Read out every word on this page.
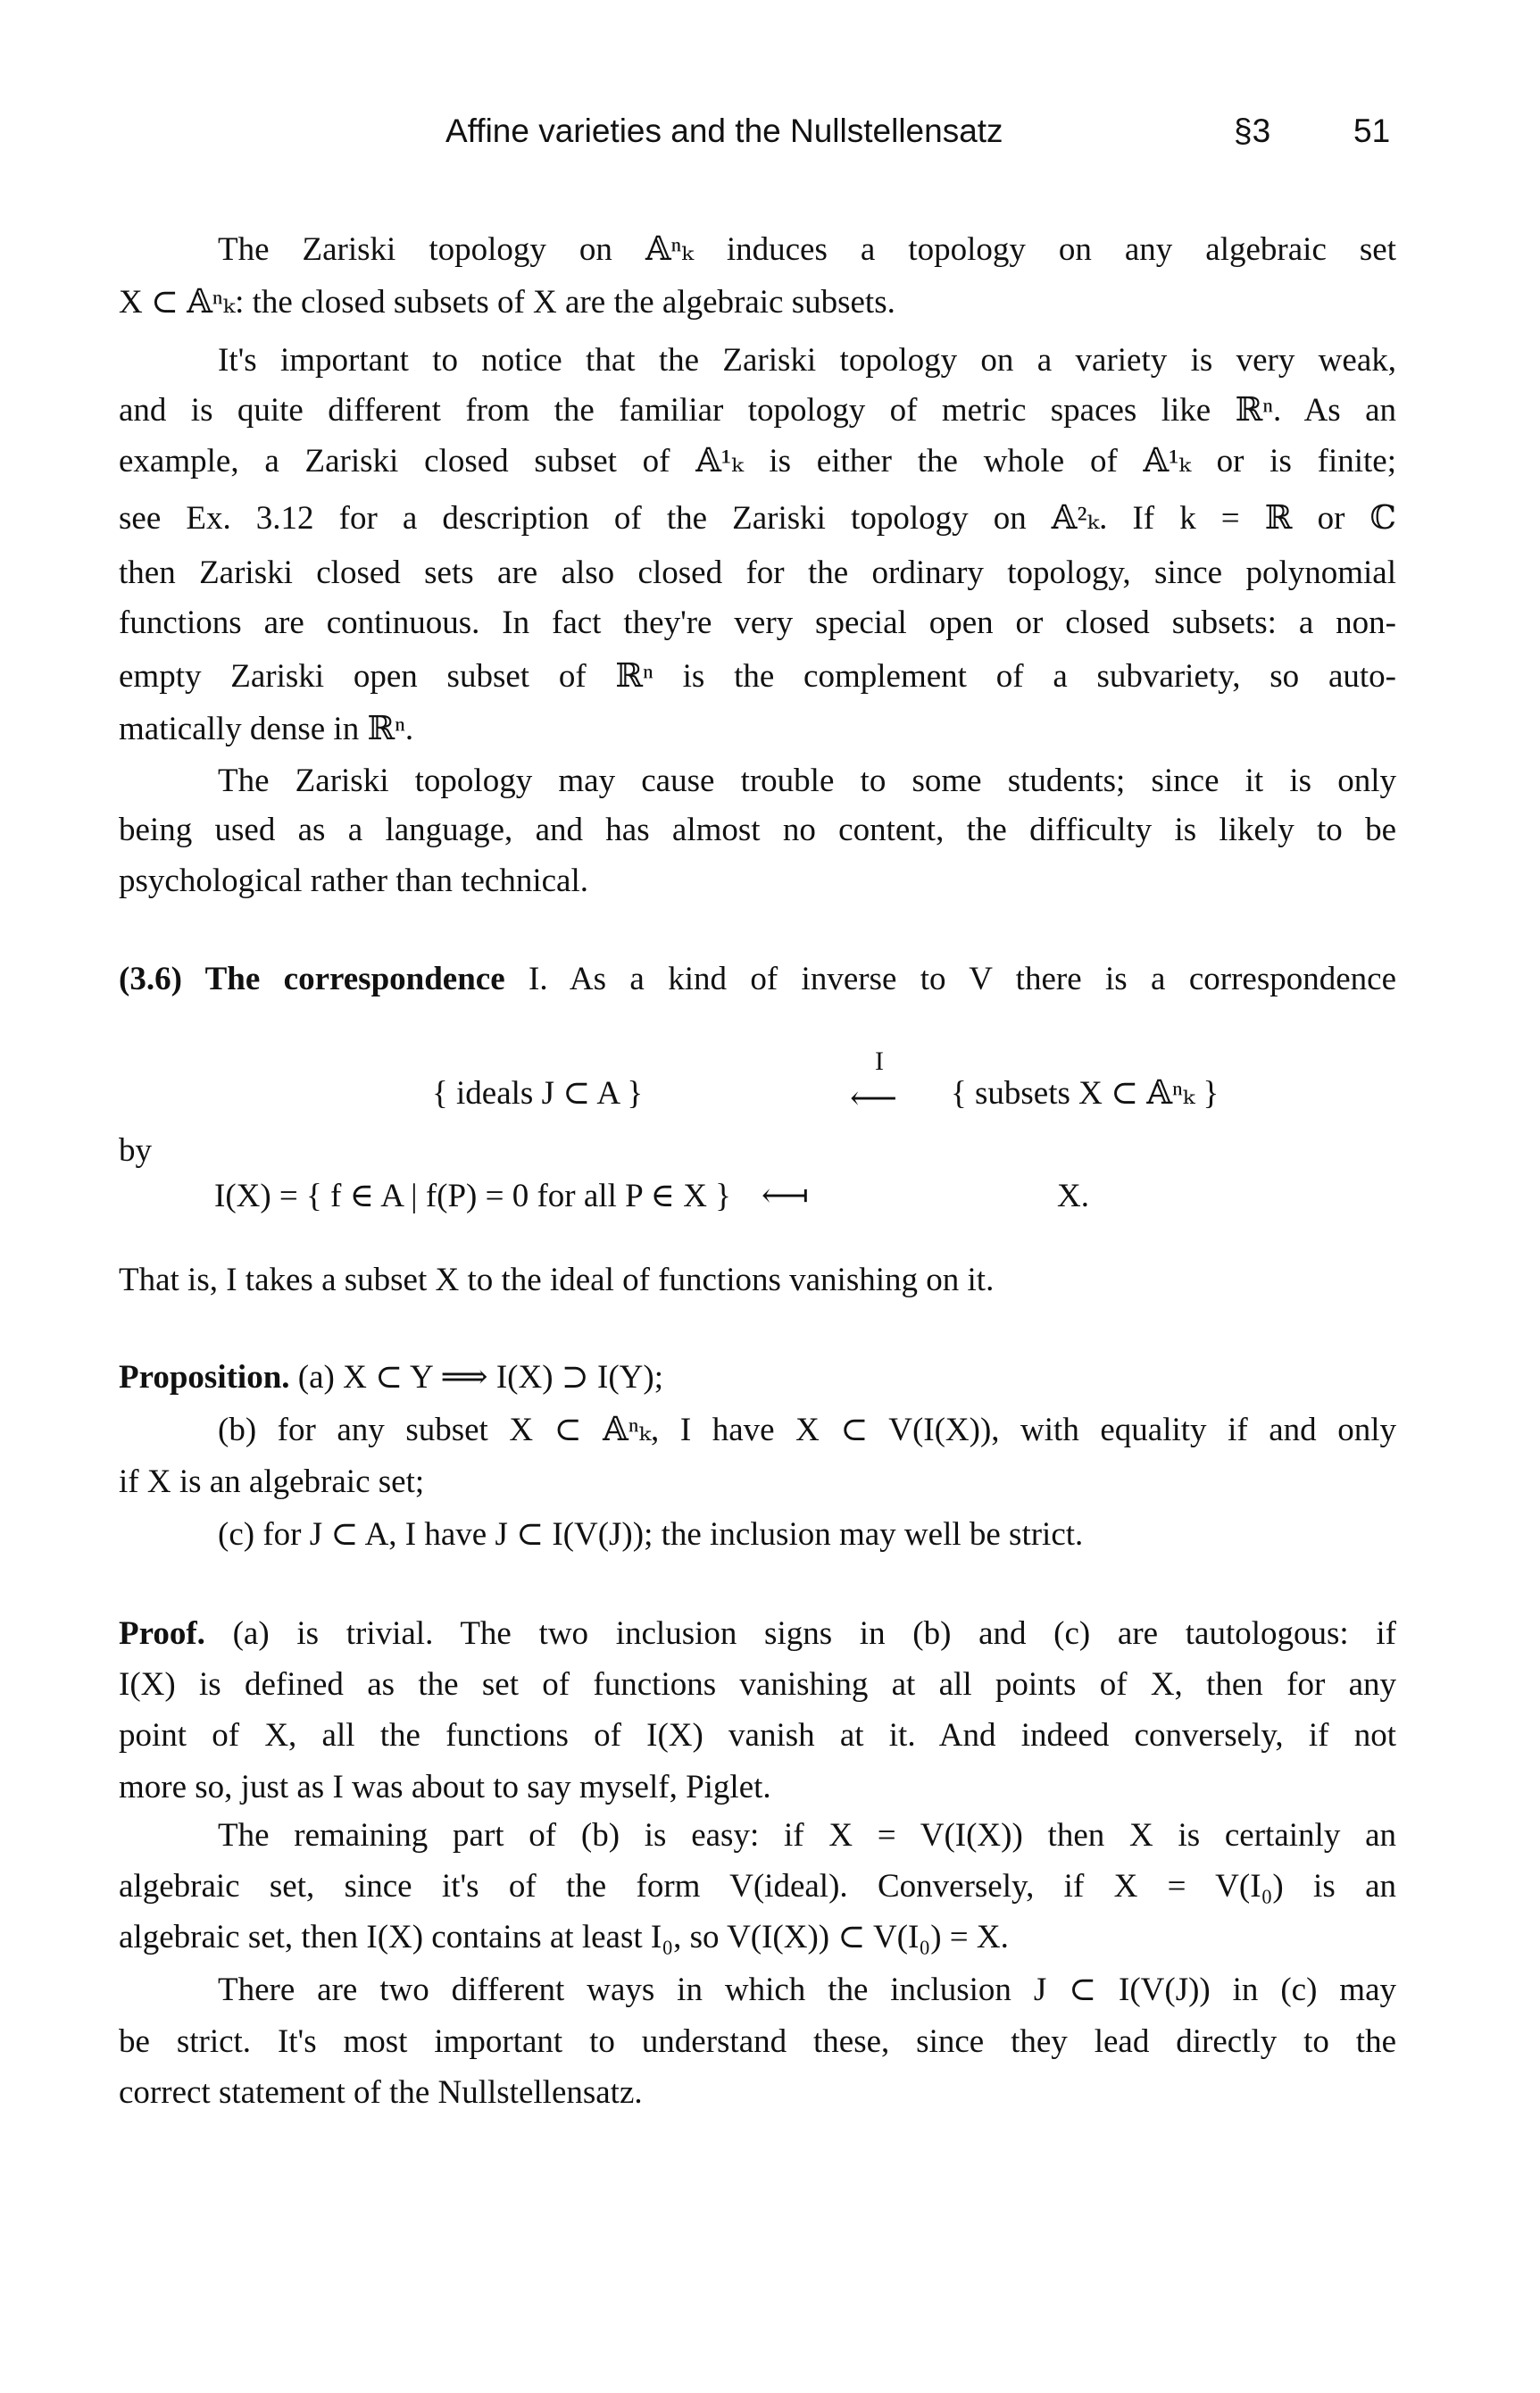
Affine varieties and the Nullstellensatz	§3	51
The Zariski topology on 𝔸ⁿₖ induces a topology on any algebraic set
X ⊂ 𝔸ⁿₖ: the closed subsets of X are the algebraic subsets.
It's important to notice that the Zariski topology on a variety is very weak,
and is quite different from the familiar topology of metric spaces like ℝⁿ. As an
example, a Zariski closed subset of 𝔸¹ₖ is either the whole of 𝔸¹ₖ or is finite;
see Ex. 3.12 for a description of the Zariski topology on 𝔸²ₖ. If k = ℝ or ℂ
then Zariski closed sets are also closed for the ordinary topology, since polynomial
functions are continuous. In fact they're very special open or closed subsets: a non-
empty Zariski open subset of ℝⁿ is the complement of a subvariety, so auto-
matically dense in ℝⁿ.
The Zariski topology may cause trouble to some students; since it is only
being used as a language, and has almost no content, the difficulty is likely to be
psychological rather than technical.
(3.6) The correspondence I. As a kind of inverse to V there is a correspondence
by
That is, I takes a subset X to the ideal of functions vanishing on it.
Proposition. (a) X ⊂ Y ⟹ I(X) ⊃ I(Y);
(b) for any subset X ⊂ 𝔸ⁿₖ, I have X ⊂ V(I(X)), with equality if and only
if X is an algebraic set;
(c) for J ⊂ A, I have J ⊂ I(V(J)); the inclusion may well be strict.
Proof. (a) is trivial. The two inclusion signs in (b) and (c) are tautologous: if
I(X) is defined as the set of functions vanishing at all points of X, then for any
point of X, all the functions of I(X) vanish at it. And indeed conversely, if not
more so, just as I was about to say myself, Piglet.
The remaining part of (b) is easy: if X = V(I(X)) then X is certainly an
algebraic set, since it's of the form V(ideal). Conversely, if X = V(I₀) is an
algebraic set, then I(X) contains at least I₀, so V(I(X)) ⊂ V(I₀) = X.
There are two different ways in which the inclusion J ⊂ I(V(J)) in (c) may
be strict. It's most important to understand these, since they lead directly to the
correct statement of the Nullstellensatz.
{ ideals J ⊂ A }
I
⟵ { subsets X ⊂ 𝔸ⁿₖ }
I(X) = { f ∈ A | f(P) = 0 for all P ∈ X } ⟻	X.
